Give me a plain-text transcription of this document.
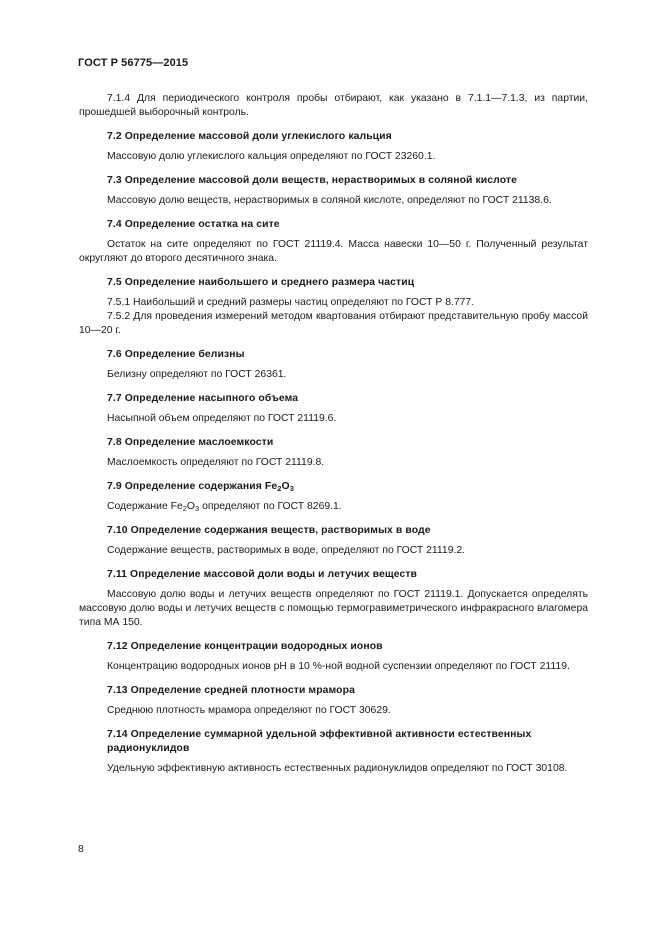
ГОСТ Р 56775—2015

7.1.4 Для периодического контроля пробы отбирают, как указано в 7.1.1—7.1.3, из партии, прошедшей выборочный контроль.

7.2 Определение массовой доли углекислого кальция

Массовую долю углекислого кальция определяют по ГОСТ 23260.1.

7.3 Определение массовой доли веществ, нерастворимых в соляной кислоте

Массовую долю веществ, нерастворимых в соляной кислоте, определяют по ГОСТ 21138.6.

7.4 Определение остатка на сите

Остаток на сите определяют по ГОСТ 21119.4. Масса навески 10—50 г. Полученный результат округляют до второго десятичного знака.

7.5 Определение наибольшего и среднего размера частиц

7.5.1 Наибольший и средний размеры частиц определяют по ГОСТ Р 8.777.

7.5.2 Для проведения измерений методом квартования отбирают представительную пробу массой 10—20 г.

7.6 Определение белизны

Белизну определяют по ГОСТ 26361.

7.7 Определение насыпного объема

Насыпной объем определяют по ГОСТ 21119.6.

7.8 Определение маслоемкости

Маслоемкость определяют по ГОСТ 21119.8.

7.9 Определение содержания $Fe_2O_3$

Содержание $Fe_2O_3$ определяют по ГОСТ 8269.1.

7.10 Определение содержания веществ, растворимых в воде

Содержание веществ, растворимых в воде, определяют по ГОСТ 21119.2.

7.11 Определение массовой доли воды и летучих веществ

Массовую долю воды и летучих веществ определяют по ГОСТ 21119.1. Допускается определять массовую долю воды и летучих веществ с помощью термогравиметрического инфракрасного влагомера типа МА 150.

7.12 Определение концентрации водородных ионов

Концентрацию водородных ионов pH в 10 %-ной водной суспензии определяют по ГОСТ 21119.

7.13 Определение средней плотности мрамора

Среднюю плотность мрамора определяют по ГОСТ 30629.

7.14 Определение суммарной удельной эффективной активности естественных радионуклидов

Удельную эффективную активность естественных радионуклидов определяют по ГОСТ 30108.

8
